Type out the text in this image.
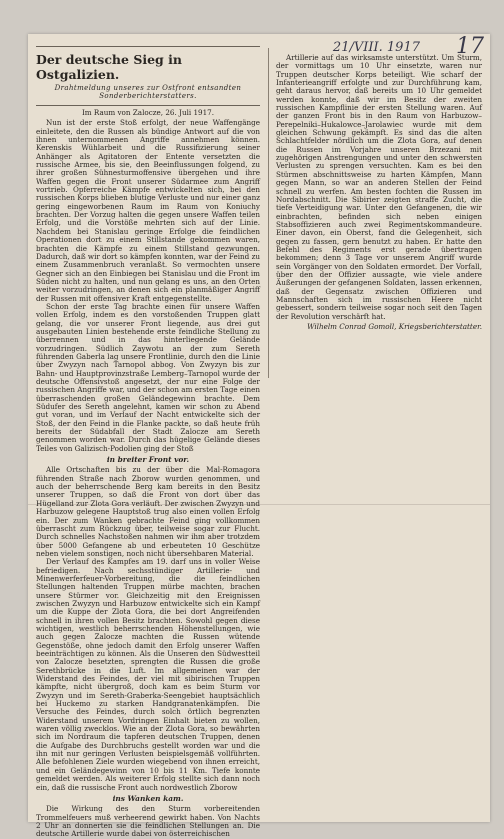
21/VIII. 1917 17
Der deutsche Sieg in Ostgalizien.
Drahtmeldung unseres zur Ostfront entsandten Sonderberichterstatters.
Im Raum von Zalocze, 26. Juli 1917.

Nun ist der erste Stoß erfolgt, der neue Waffengänge einleitete, den die Russen als bündige Antwort auf die von ihnen unternommenen Angriffe annehmen können. Kerenskis Wühlarbeit und die Russifizierung seiner Anhänger als Agitatoren der Entente versetzten die russische Armee, bis sie, den Beeinflussungen folgend, zu ihrer großen Sühnesturmoffensive übergehen und ihre Waffen gegen die Front unserer Südarmee zum Angriff vortrieb. Opferreiche Kämpfe entwickelten sich, bei den russischen Korps blieben blutige Verluste und nur einer ganz gering eingeworbenen Raum im Raum von Koniuchy brachten. Der Vorzug halten die gegen unsere Waffen teilen Erfolg, und die Vorstöße mehrten sich auf der Linie. Nachdem bei Stanislau geringe Erfolge die feindlichen Operationen dort zu einem Stillstande gekommen waren, brachten die Kämpfe zu einem Stillstand gezwungen. Dadurch, daß wir dort so kämpfen konnten, war der Feind zu einem Zusammenbruch veranlaßt. So vermochten unsere Gegner sich an den Einbiegen bei Stanislau und die Front im Süden nicht zu halten, und nun gelang es uns, an den Orten weiter vorzudringen, an denen sich ein planmäßiger Angriff der Russen mit offensiver Kraft entgegenstellte.

Schon der erste Tag brachte einen für unsere Waffen vollen Erfolg, indem es den vorstoßenden Truppen glatt gelang, die vor unserer Front liegende, aus drei gut ausgebauten Linien bestehende erste feindliche Stellung zu überrennen und in das hinterliegende Gelände vorzudringen. Südlich Zaywotu an der zum Sereth führenden Gaberla lag unsere Frontlinie, durch den die Linie über Zwyzyn nach Tarnopol abbog. Von Zwyzyn bis zur Bahn- und Hauptprovinzstraße Lemberg–Tarnopol wurde der deutsche Offensivstoß angesetzt, der nur eine Folge der russischen Angriffe war, und der schon am ersten Tage einen überraschenden großen Geländegewinn brachte. Dem Südufer des Sereth angelehnt, kamen wir schon zu Abend gut voran, und im Verlauf der Nacht entwickelte sich der Stoß, der den Feind in die Flanke packte, so daß heute früh bereits der Südabfall der Stadt Zalocze am Sereth genommen worden war. Durch das hügelige Gelände dieses Teiles von Galizisch-Podolien ging der Stoß

in breiter Front vor.

Alle Ortschaften bis zu der über die Mal-Romagora führenden Straße nach Zborow wurden genommen, und auch der beherrschende Berg kam bereits in den Besitz unserer Truppen, so daß die Front von dort über das Hügelland zur Zlota Gora verläuft. Der zwischen Zwyzyn und Harbuzow gelegene Hauptstoß trug also einen vollen Erfolg ein. Der zum Wanken gebrachte Feind ging vollkommen überrascht zum Rückzug über, teilweise sogar zur Flucht. Durch schnelles Nachstoßen nahmen wir ihm aber trotzdem über 5000 Gefangene ab und erbeuteten 10 Geschütze neben vielem sonstigen, noch nicht übersehbaren Material.

Der Verlauf des Kampfes am 19. darf uns in voller Weise befriedigen. Nach sechsstündiger Artillerie- und Minenwerferfeuer-Vorbereitung, die die feindlichen Stellungen haltenden Truppen mürbe machten, brachen unsere Stürmer vor. Gleichzeitig mit den Ereignissen zwischen Zwyzyn und Harbuzow entwickelte sich ein Kampf um die Kuppe der Zlota Gora, die bei dort Angreifenden schnell in ihren vollen Besitz brachten. Sowohl gegen diese wichtigen, westlich beherrschenden Höhenstellungen, wie auch gegen Zalocze machten die Russen wütende Gegenstöße, ohne jedoch damit den Erfolg unserer Waffen beeinträchtigen zu können. Als die Unseren den Südwestteil von Zalocze besetzten, sprengten die Russen die große Serethbrücke in die Luft. Im allgemeinen war der Widerstand des Feindes, der viel mit sibirischen Truppen kämpfte, nicht übergroß, doch kam es beim Sturm vor Zwyzyn und im Sereth-Graberka-Seengebiet hauptsächlich bei Huckemo zu starken Handgranatenkämpfen. Die Versuche des Feindes, durch solch örtlich begrenzten Widerstand unserem Vordringen Einhalt bieten zu wollen, waren völlig zwecklos. Wie an der Zlota Gora, so bewährten sich im Nordraum die tapferen deutschen Truppen, denen die Aufgabe des Durchbruchs gestellt worden war und die ihn mit nur geringen Verlusten beispielsgemäß vollführten. Alle befohlenen Ziele wurden wiegebend von ihnen erreicht, und ein Geländegewinn von 10 bis 11 Km. Tiefe konnte gemeldet werden. Als weiterer Erfolg stellte sich dann noch ein, daß die russische Front auch nordwestlich Zborow

ins Wanken kam.

Die Wirkung des den Sturm vorbereitenden Trommelfeuers muß verheerend gewirkt haben. Von Nachts 2 Uhr an donnerten sie die feindlichen Stellungen an. Die deutsche Artillerie wurde dabei von österreichischen

Artillerie auf das wirksamste unterstützt. Um Sturm, der vormittags um 10 Uhr einsetzte, waren nur Truppen deutscher Korps beteiligt. Wie scharf der Infanterieangriff erfolgte und zur Durchführung kam, geht daraus hervor, daß bereits um 10 Uhr gemeldet werden konnte, daß wir im Besitz der zweiten russischen Kampflinie der ersten Stellung waren. Auf der ganzen Front bis in den Raum von Harbuzow–Perepelniki–Hukalowce–Jarolawiec wurde mit dem gleichen Schwung gekämpft. Es sind das die alten Schlachtfelder nördlich um die Zlota Gora, auf denen die Russen im Vorjahre unseren Brzezani mit zugehörigen Anstrengungen und unter den schwersten Verlusten zu sprengen versuchten. Kam es bei den Stürmen abschnittsweise zu harten Kämpfen, Mann gegen Mann, so war an anderen Stellen der Feind schnell zu werfen. Am besten fochten die Russen im Nordabschnitt. Die Sibirier zeigten straffe Zucht, die tiefe Verteidigung war. Unter den Gefangenen, die wir einbrachten, befinden sich neben einigen Stabsoffizieren auch zwei Regimentskommandeure. Einer davon, ein Oberst, fand die Gelegenheit, sich gegen zu fassen, gern benutzt zu haben. Er hatte den Befehl des Regiments erst gerade übertragen bekommen; denn 3 Tage vor unserem Angriff wurde sein Vorgänger von den Soldaten ermordet. Der Vorfall, über den der Offizier aussagte, wie viele andere Äußerungen der gefangenen Soldaten, lassen erkennen, daß der Gegensatz zwischen Offizieren und Mannschaften sich im russischen Heere nicht gebessert, sondern teilweise sogar noch seit den Tagen der Revolution verschärft hat.

Wilhelm Conrad Gomoll, Kriegsberichterstatter.
